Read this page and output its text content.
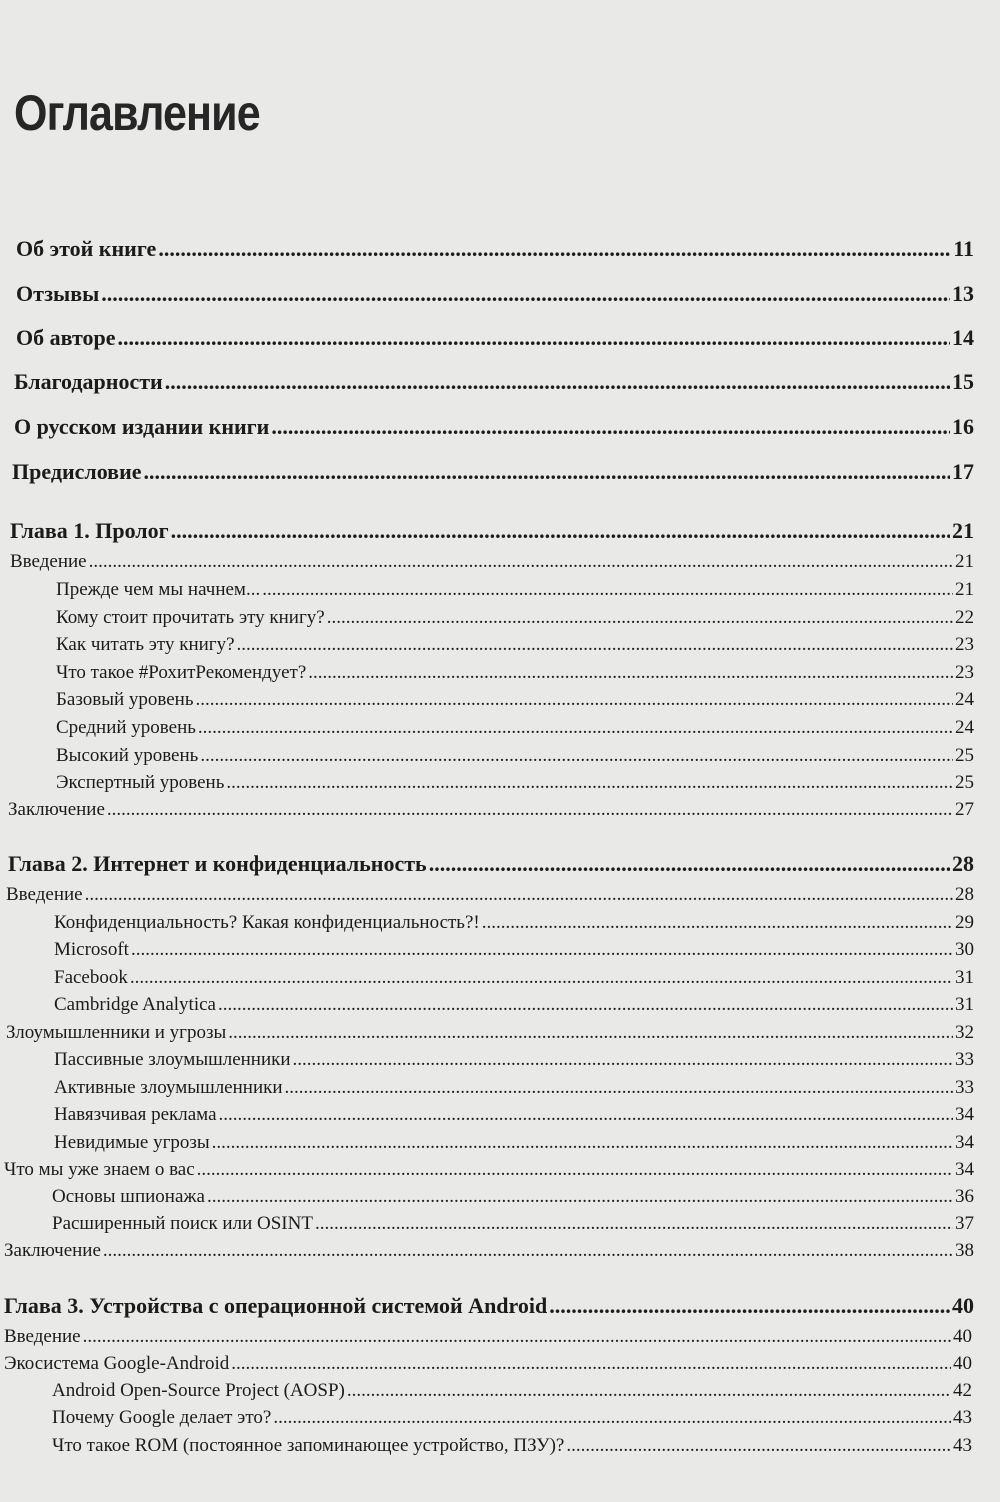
Оглавление
Об этой книге .....	11
Отзывы .....	13
Об авторе .....	14
Благодарности .....	15
О русском издании книги .....	16
Предисловие .....	17
Глава 1. Пролог .....	21
Введение .....	21
Прежде чем мы начнем... .....	21
Кому стоит прочитать эту книгу? .....	22
Как читать эту книгу? .....	23
Что такое #РохитРекомендует? .....	23
Базовый уровень .....	24
Средний уровень .....	24
Высокий уровень .....	25
Экспертный уровень .....	25
Заключение .....	27
Глава 2. Интернет и конфиденциальность .....	28
Введение .....	28
Конфиденциальность? Какая конфиденциальность?! .....	29
Microsoft .....	30
Facebook .....	31
Cambridge Analytica .....	31
Злоумышленники и угрозы .....	32
Пассивные злоумышленники .....	33
Активные злоумышленники .....	33
Навязчивая реклама .....	34
Невидимые угрозы .....	34
Что мы уже знаем о вас .....	34
Основы шпионажа .....	36
Расширенный поиск или OSINT .....	37
Заключение .....	38
Глава 3. Устройства с операционной системой Android .....	40
Введение .....	40
Экосистема Google-Android .....	40
Android Open-Source Project (AOSP) .....	42
Почему Google делает это? .....	43
Что такое ROM (постоянное запоминающее устройство, ПЗУ)? .....	43
